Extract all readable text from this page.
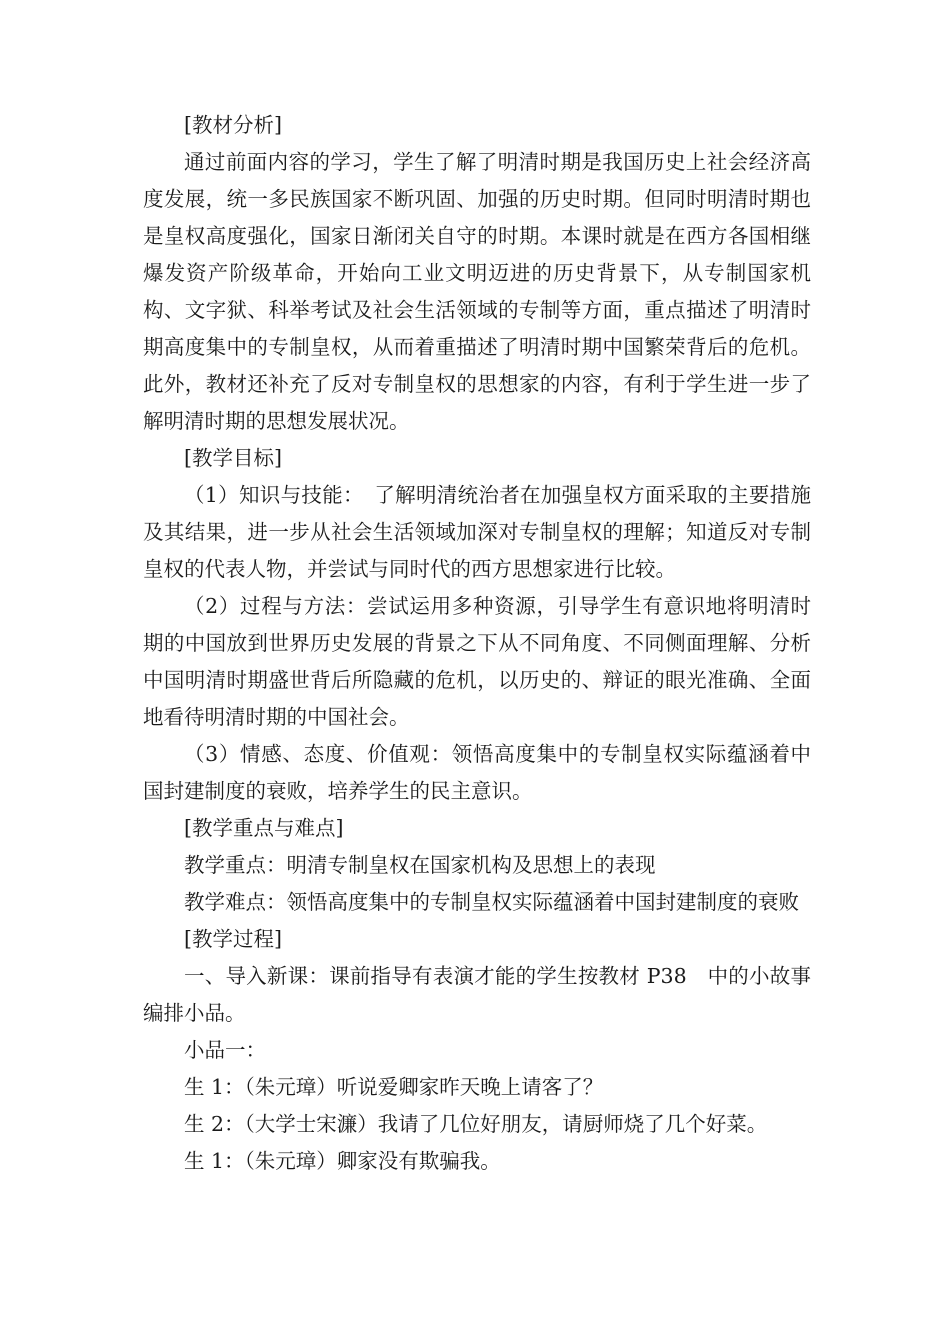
[教材分析]

通过前面内容的学习，学生了解了明清时期是我国历史上社会经济高度发展，统一多民族国家不断巩固、加强的历史时期。但同时明清时期也是皇权高度强化，国家日渐闭关自守的时期。本课时就是在西方各国相继爆发资产阶级革命，开始向工业文明迈进的历史背景下，从专制国家机构、文字狱、科举考试及社会生活领域的专制等方面，重点描述了明清时期高度集中的专制皇权，从而着重描述了明清时期中国繁荣背后的危机。此外，教材还补充了反对专制皇权的思想家的内容，有利于学生进一步了解明清时期的思想发展状况。

[教学目标]

（1）知识与技能：　了解明清统治者在加强皇权方面采取的主要措施及其结果，进一步从社会生活领域加深对专制皇权的理解；知道反对专制皇权的代表人物，并尝试与同时代的西方思想家进行比较。

（2）过程与方法：尝试运用多种资源，引导学生有意识地将明清时期的中国放到世界历史发展的背景之下从不同角度、不同侧面理解、分析中国明清时期盛世背后所隐藏的危机，以历史的、辩证的眼光准确、全面地看待明清时期的中国社会。

（3）情感、态度、价值观：领悟高度集中的专制皇权实际蕴涵着中国封建制度的衰败，培养学生的民主意识。

[教学重点与难点]

教学重点：明清专制皇权在国家机构及思想上的表现

教学难点：领悟高度集中的专制皇权实际蕴涵着中国封建制度的衰败

[教学过程]

一、导入新课：课前指导有表演才能的学生按教材 P38　中的小故事编排小品。

小品一：

生 1：（朱元璋）听说爱卿家昨天晚上请客了？

生 2：（大学士宋濂）我请了几位好朋友，请厨师烧了几个好菜。

生 1：（朱元璋）卿家没有欺骗我。
